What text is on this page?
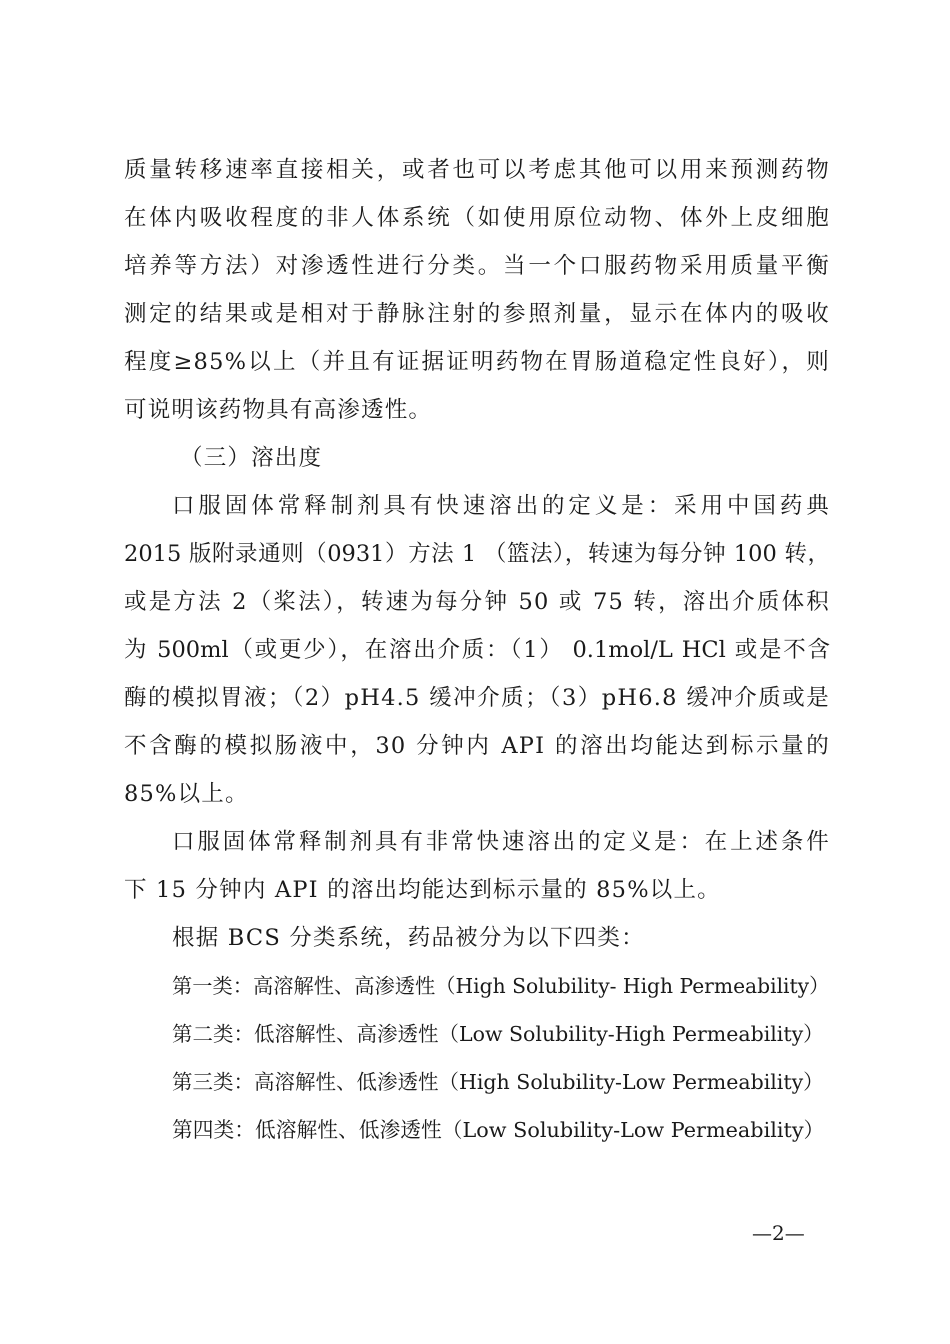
质量转移速率直接相关，或者也可以考虑其他可以用来预测药物
在体内吸收程度的非人体系统（如使用原位动物、体外上皮细胞
培养等方法）对渗透性进行分类。当一个口服药物采用质量平衡
测定的结果或是相对于静脉注射的参照剂量，显示在体内的吸收
程度≥85%以上（并且有证据证明药物在胃肠道稳定性良好），则
可说明该药物具有高渗透性。
（三）溶出度
口服固体常释制剂具有快速溶出的定义是：采用中国药典
2015 版附录通则（0931）方法 1 （篮法），转速为每分钟 100 转，
或是方法 2（桨法），转速为每分钟 50 或 75 转，溶出介质体积
为 500ml（或更少），在溶出介质：（1） 0.1mol/L HCl 或是不含
酶的模拟胃液；（2）pH4.5 缓冲介质；（3）pH6.8 缓冲介质或是
不含酶的模拟肠液中，30 分钟内 API 的溶出均能达到标示量的
85%以上。
口服固体常释制剂具有非常快速溶出的定义是：在上述条件
下 15 分钟内 API 的溶出均能达到标示量的 85%以上。
根据 BCS 分类系统，药品被分为以下四类：
第一类：高溶解性、高渗透性（High Solubility- High Permeability）
第二类：低溶解性、高渗透性（Low Solubility-High Permeability）
第三类：高溶解性、低渗透性（High Solubility-Low Permeability）
第四类：低溶解性、低渗透性（Low Solubility-Low Permeability）
—2—
